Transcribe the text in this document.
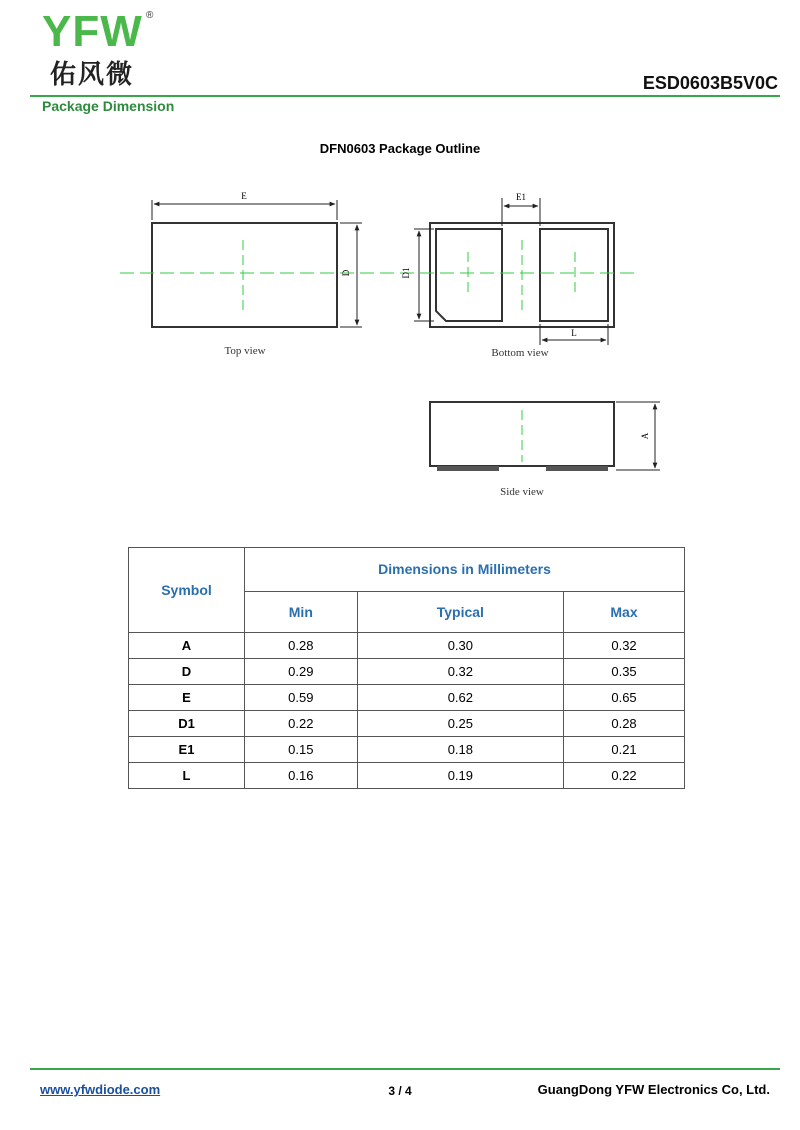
YFW ®
佑风微	ESD0603B5V0C
Package Dimension
DFN0603 Package Outline
E
D
Top view
E1
D1
L
Bottom view
A
Side view
Symbol	Dimensions in Millimeters		
	Min	Typical	Max
A	0.28	0.30	0.32
D	0.29	0.32	0.35
E	0.59	0.62	0.65
D1	0.22	0.25	0.28
E1	0.15	0.18	0.21
L	0.16	0.19	0.22
www.yfwdiode.com	3 / 4	GuangDong YFW Electronics Co, Ltd.
